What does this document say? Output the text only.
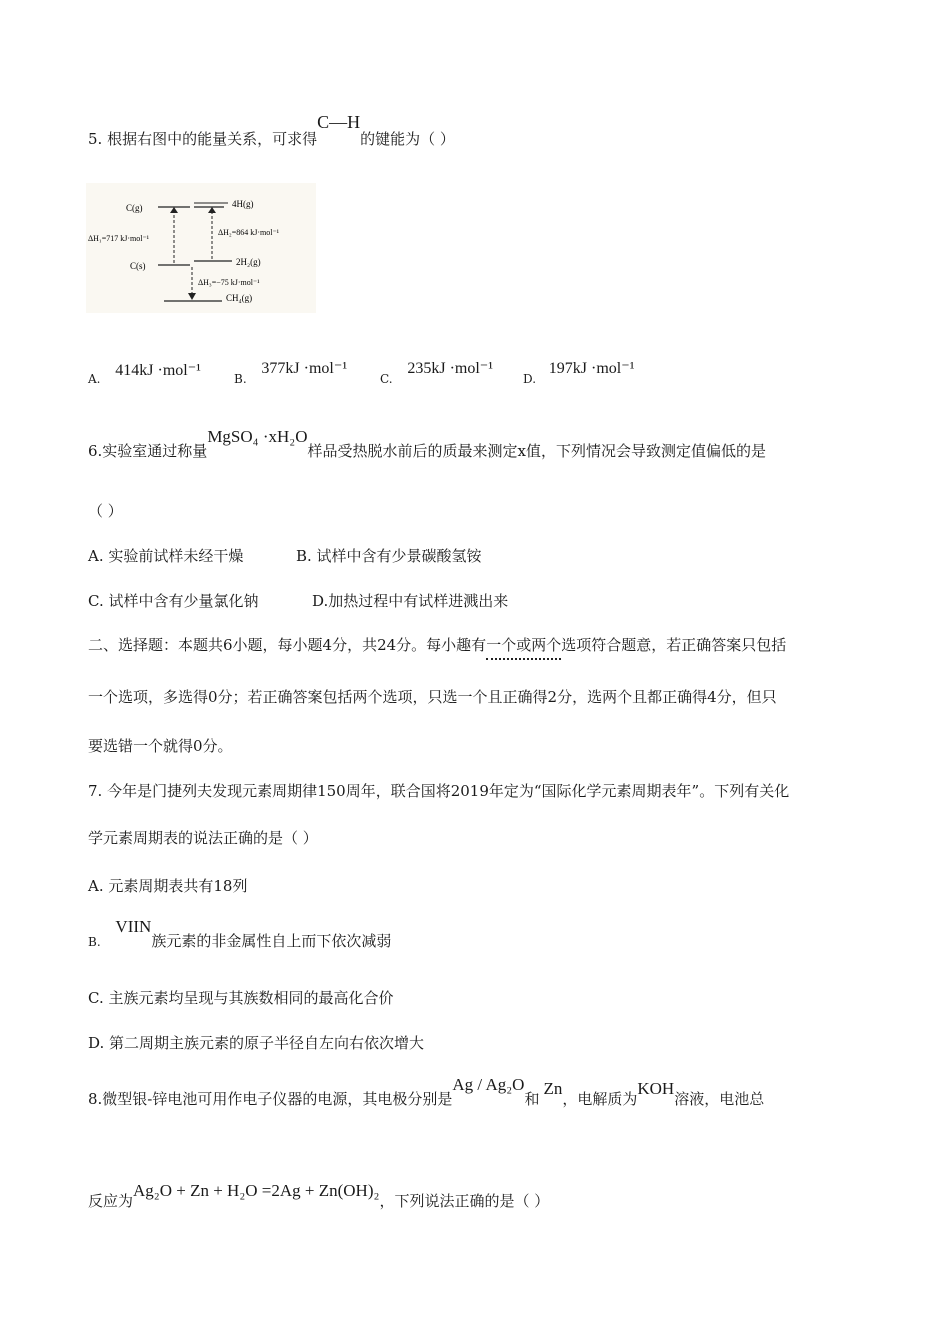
5. 根据右图中的能量关系，可求得C—H的键能为（ ）
C(g)	4H(g)
ΔH₁=717 kJ·mol⁻¹
ΔH₂=864 kJ·mol⁻¹
C(s)	2H₂(g)
ΔH₃=−75 kJ·mol⁻¹
CH₄(g)
A. 414kJ ·mol⁻¹	B. 377kJ ·mol⁻¹
C. 235kJ ·mol⁻¹
D. 197kJ ·mol⁻¹
6.实验室通过称量MgSO₄ ·xH₂O样品受热脱水前后的质最来测定x值，下列情况会导致测定值偏低的是
（ ）
A. 实验前试样未经干燥	B. 试样中含有少景碳酸氢铵
C. 试样中含有少量氯化钠	D.加热过程中有试样进溅出来
二、选择题：本题共6小题，每小题4分，共24分。每小趣有一个或两个选项符合题意，若正确答案只包括
一个选项，多选得0分；若正确答案包括两个选项，只选一个且正确得2分，选两个且都正确得4分，但只
要选错一个就得0分。
7. 今年是门捷列夫发现元素周期律150周年，联合国将2019年定为“国际化学元素周期表年”。下列有关化
学元素周期表的说法正确的是（ ）
A. 元素周期表共有18列
B. VIIN族元素的非金属性自上而下依次减弱
C. 主族元素均呈现与其族数相同的最高化合价
D. 第二周期主族元素的原子半径自左向右依次增大
8.微型银-锌电池可用作电子仪器的电源，其电极分别是Ag / Ag₂O和Zn，电解质为KOH溶液，电池总
反应为Ag₂O + Zn + H₂O =2Ag + Zn(OH)₂，下列说法正确的是（ ）
